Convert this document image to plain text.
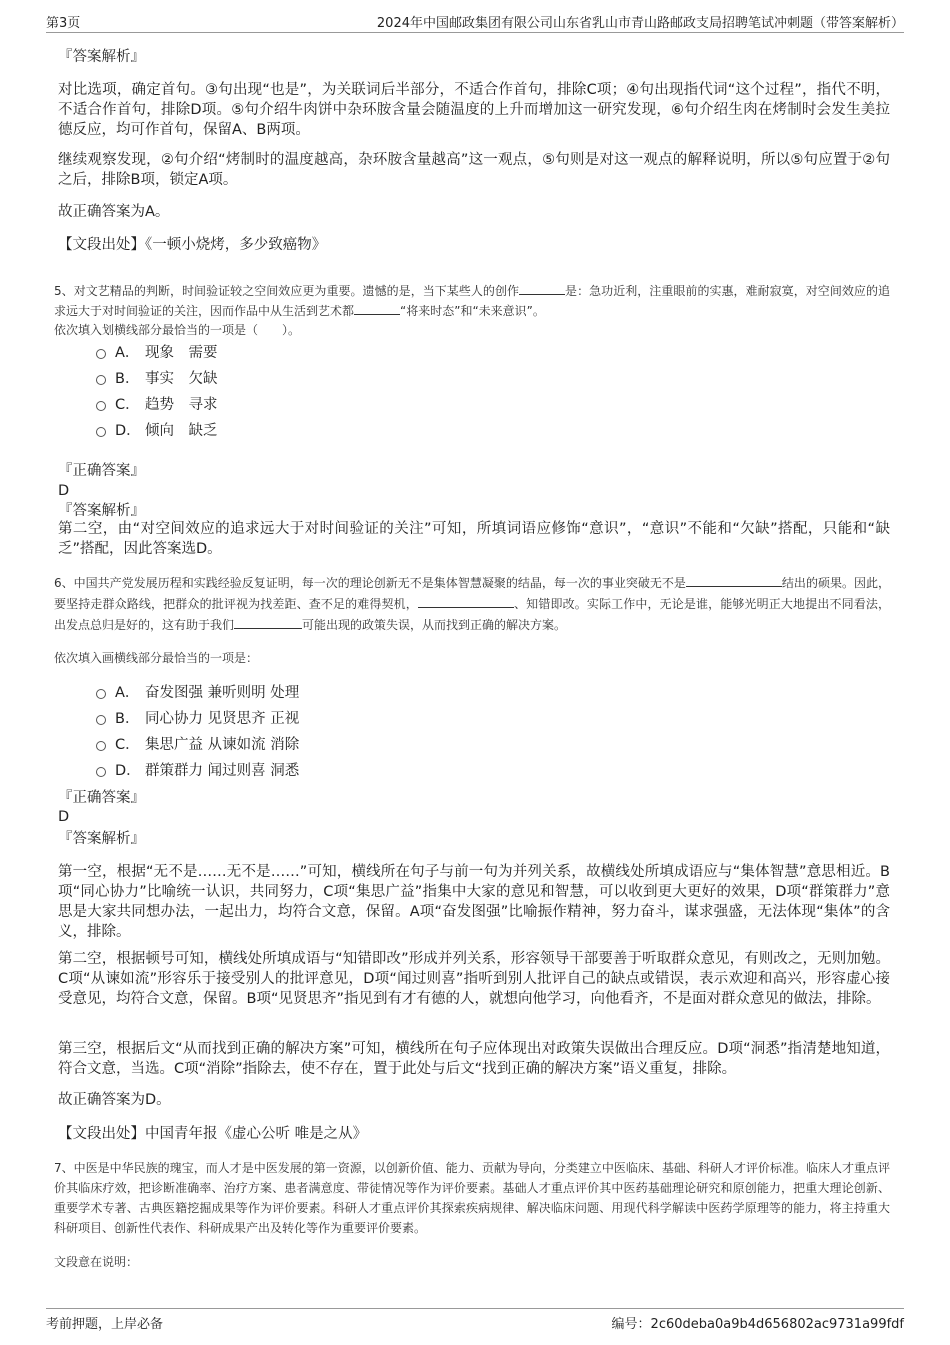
第3页	2024年中国邮政集团有限公司山东省乳山市青山路邮政支局招聘笔试冲刺题（带答案解析）
『答案解析』
对比选项，确定首句。③句出现“也是”，为关联词后半部分，不适合作首句，排除C项；④句出现指代词“这个过程”，指代不明，不适合作首句，排除D项。⑤句介绍牛肉饼中杂环胺含量会随温度的上升而增加这一研究发现，⑥句介绍生肉在烤制时会发生美拉德反应，均可作首句，保留A、B两项。
继续观察发现，②句介绍“烤制时的温度越高，杂环胺含量越高”这一观点，⑤句则是对这一观点的解释说明，所以⑤句应置于②句之后，排除B项，锁定A项。
故正确答案为A。
【文段出处】《一顿小烧烤，多少致癌物》
5、对文艺精品的判断，时间验证较之空间效应更为重要。遗憾的是，当下某些人的创作	是：急功近利，注重眼前的实惠，难耐寂寞，对空间效应的追求远大于对时间验证的关注，因而作品中从生活到艺术都	“将来时态”和“未来意识”。
依次填入划横线部分最恰当的一项是（　　）。
A． 现象　需要
B． 事实　欠缺
C． 趋势　寻求
D． 倾向　缺乏
『正确答案』
D
『答案解析』
第二空，由“对空间效应的追求远大于对时间验证的关注”可知，所填词语应修饰“意识”，“意识”不能和“欠缺”搭配，只能和“缺乏”搭配，因此答案选D。
6、中国共产党发展历程和实践经验反复证明，每一次的理论创新无不是集体智慧凝聚的结晶，每一次的事业突破无不是	结出的硕果。因此，要坚持走群众路线，把群众的批评视为找差距、查不足的难得契机，	、知错即改。实际工作中，无论是谁，能够光明正大地提出不同看法，出发点总归是好的，这有助于我们	可能出现的政策失误，从而找到正确的解决方案。
依次填入画横线部分最恰当的一项是：
A． 奋发图强 兼听则明 处理
B． 同心协力 见贤思齐 正视
C． 集思广益 从谏如流 消除
D． 群策群力 闻过则喜 洞悉
『正确答案』
D
『答案解析』
第一空，根据“无不是……无不是……”可知，横线所在句子与前一句为并列关系，故横线处所填成语应与“集体智慧”意思相近。B项“同心协力”比喻统一认识，共同努力，C项“集思广益”指集中大家的意见和智慧，可以收到更大更好的效果，D项“群策群力”意思是大家共同想办法，一起出力，均符合文意，保留。A项“奋发图强”比喻振作精神，努力奋斗，谋求强盛，无法体现“集体”的含义，排除。
第二空，根据顿号可知，横线处所填成语与“知错即改”形成并列关系，形容领导干部要善于听取群众意见，有则改之，无则加勉。C项“从谏如流”形容乐于接受别人的批评意见，D项“闻过则喜”指听到别人批评自己的缺点或错误，表示欢迎和高兴，形容虚心接受意见，均符合文意，保留。B项“见贤思齐”指见到有才有德的人，就想向他学习，向他看齐，不是面对群众意见的做法，排除。
第三空，根据后文“从而找到正确的解决方案”可知，横线所在句子应体现出对政策失误做出合理反应。D项“洞悉”指清楚地知道，符合文意，当选。C项“消除”指除去，使不存在，置于此处与后文“找到正确的解决方案”语义重复，排除。
故正确答案为D。
【文段出处】中国青年报《虚心公听 唯是之从》
7、中医是中华民族的瑰宝，而人才是中医发展的第一资源，以创新价值、能力、贡献为导向，分类建立中医临床、基础、科研人才评价标准。临床人才重点评价其临床疗效，把诊断准确率、治疗方案、患者满意度、带徒情况等作为评价要素。基础人才重点评价其中医药基础理论研究和原创能力，把重大理论创新、重要学术专著、古典医籍挖掘成果等作为评价要素。科研人才重点评价其探索疾病规律、解决临床问题、用现代科学解读中医药学原理等的能力，将主持重大科研项目、创新性代表作、科研成果产出及转化等作为重要评价要素。
文段意在说明：
考前押题，上岸必备	编号：2c60deba0a9b4d656802ac9731a99fdf
